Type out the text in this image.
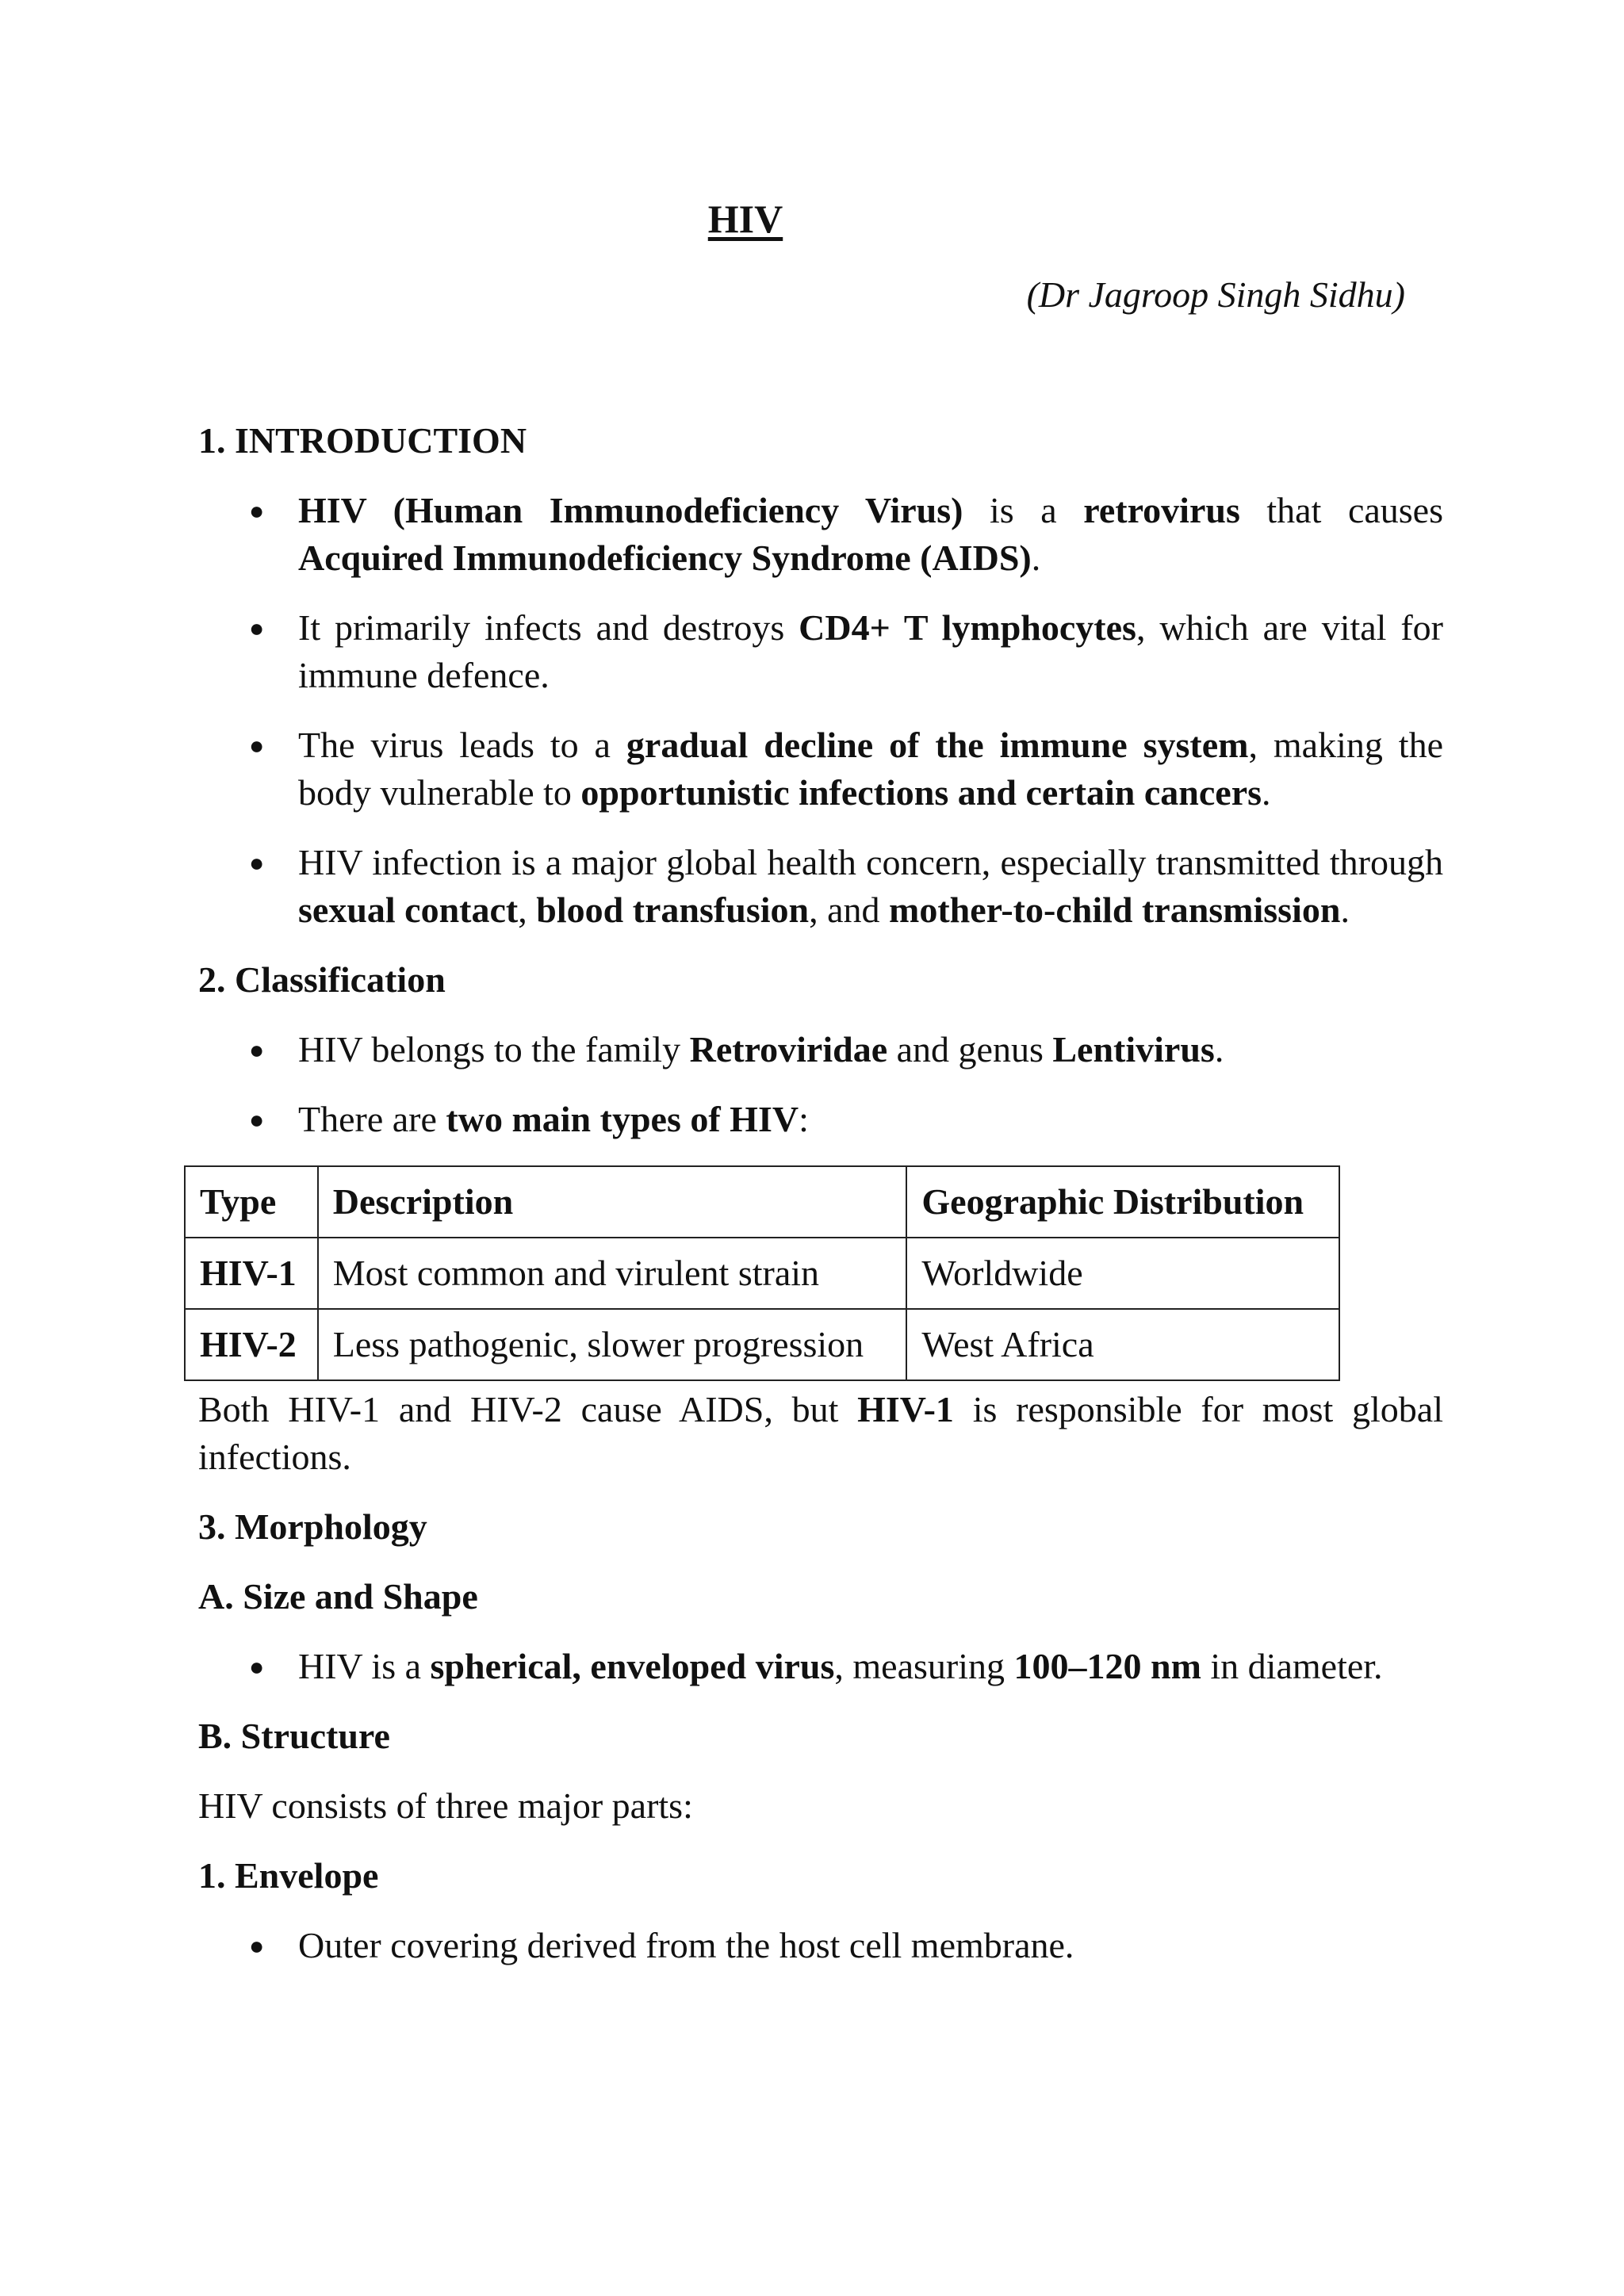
HIV
(Dr Jagroop Singh Sidhu)
1. INTRODUCTION
● HIV (Human Immunodeficiency Virus) is a retrovirus that causes Acquired Immunodeficiency Syndrome (AIDS).
● It primarily infects and destroys CD4+ T lymphocytes, which are vital for immune defence.
● The virus leads to a gradual decline of the immune system, making the body vulnerable to opportunistic infections and certain cancers.
● HIV infection is a major global health concern, especially transmitted through sexual contact, blood transfusion, and mother-to-child transmission.
2. Classification
● HIV belongs to the family Retroviridae and genus Lentivirus.
● There are two main types of HIV:
Type	Description	Geographic Distribution
HIV-1	Most common and virulent strain	Worldwide
HIV-2	Less pathogenic, slower progression	West Africa

Both HIV-1 and HIV-2 cause AIDS, but HIV-1 is responsible for most global infections.

3. Morphology
A. Size and Shape
● HIV is a spherical, enveloped virus, measuring 100–120 nm in diameter.
B. Structure

HIV consists of three major parts:

1. Envelope
● Outer covering derived from the host cell membrane.
